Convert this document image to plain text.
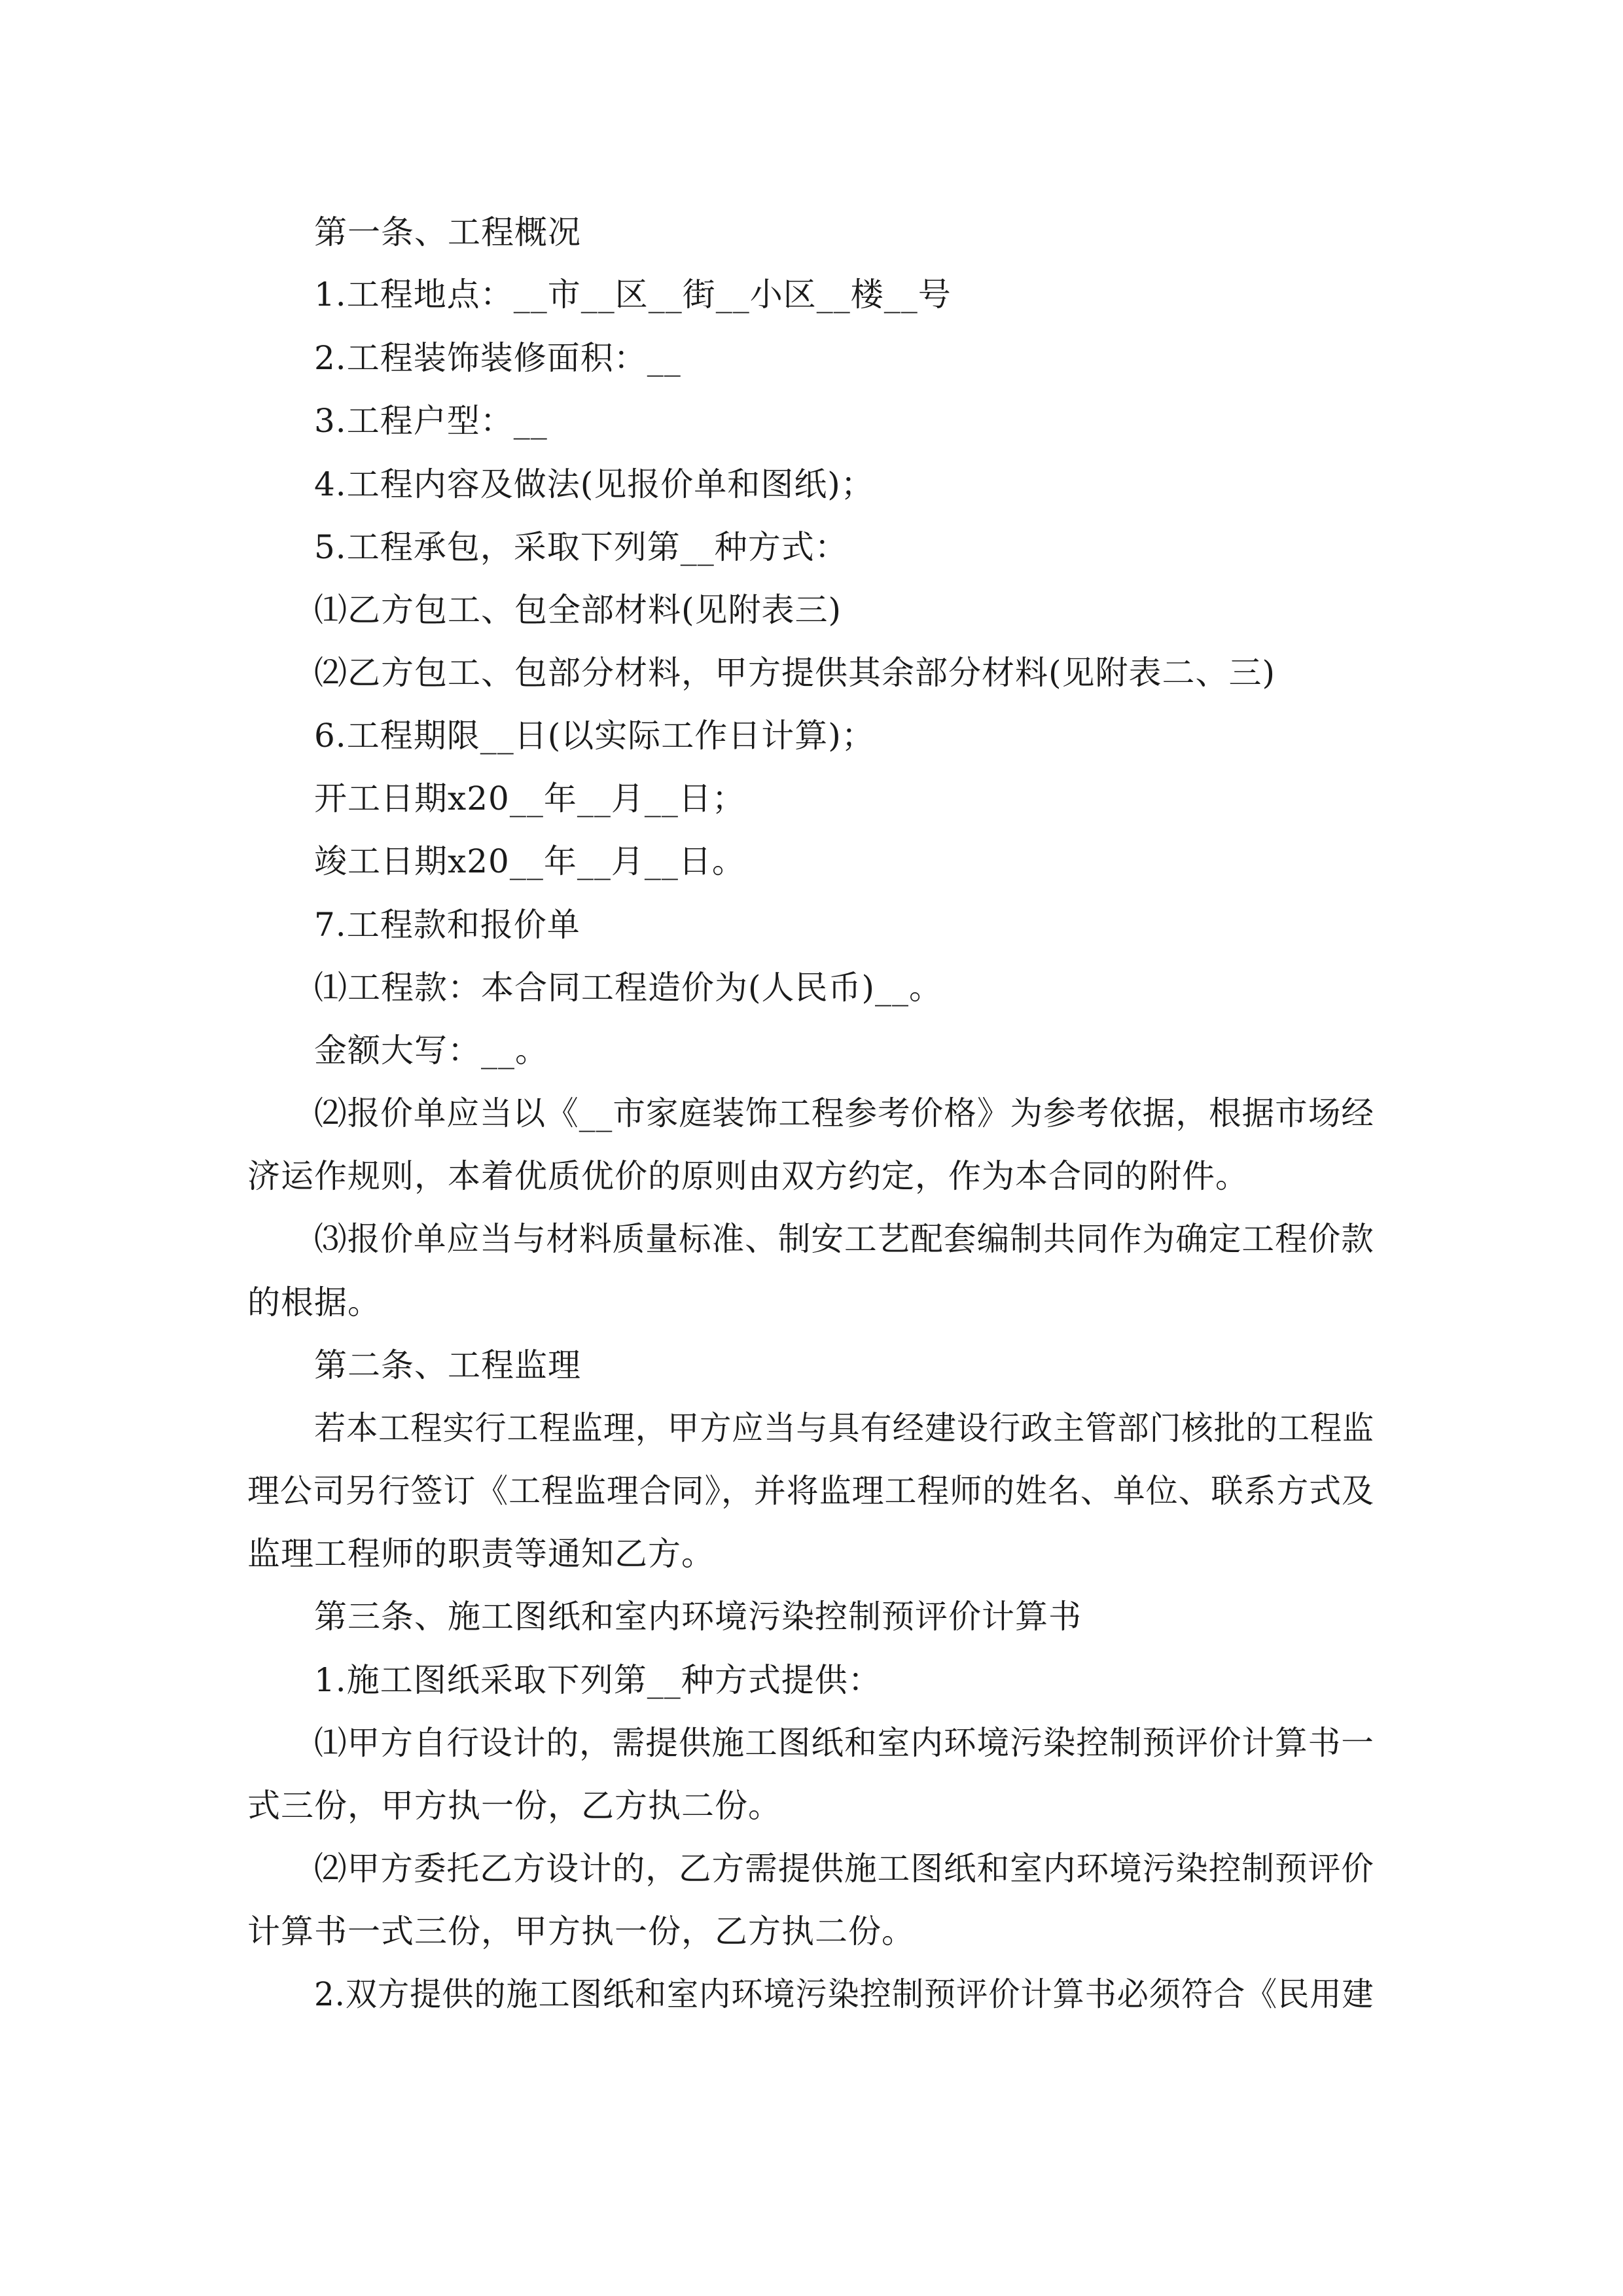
第一条、工程概况
1.工程地点：__市__区__街__小区__楼__号
2.工程装饰装修面积：__
3.工程户型：__
4.工程内容及做法(见报价单和图纸)；
5.工程承包，采取下列第__种方式：
⑴乙方包工、包全部材料(见附表三)
⑵乙方包工、包部分材料，甲方提供其余部分材料(见附表二、三)
6.工程期限__日(以实际工作日计算)；
开工日期x20__年__月__日；
竣工日期x20__年__月__日。
7.工程款和报价单
⑴工程款：本合同工程造价为(人民币)__。
金额大写：__。
⑵报价单应当以《__市家庭装饰工程参考价格》为参考依据，根据市场经
济运作规则，本着优质优价的原则由双方约定，作为本合同的附件。
⑶报价单应当与材料质量标准、制安工艺配套编制共同作为确定工程价款
的根据。
第二条、工程监理
若本工程实行工程监理，甲方应当与具有经建设行政主管部门核批的工程监
理公司另行签订《工程监理合同》，并将监理工程师的姓名、单位、联系方式及
监理工程师的职责等通知乙方。
第三条、施工图纸和室内环境污染控制预评价计算书
1.施工图纸采取下列第__种方式提供：
⑴甲方自行设计的，需提供施工图纸和室内环境污染控制预评价计算书一
式三份，甲方执一份，乙方执二份。
⑵甲方委托乙方设计的，乙方需提供施工图纸和室内环境污染控制预评价
计算书一式三份，甲方执一份，乙方执二份。
2.双方提供的施工图纸和室内环境污染控制预评价计算书必须符合《民用建
